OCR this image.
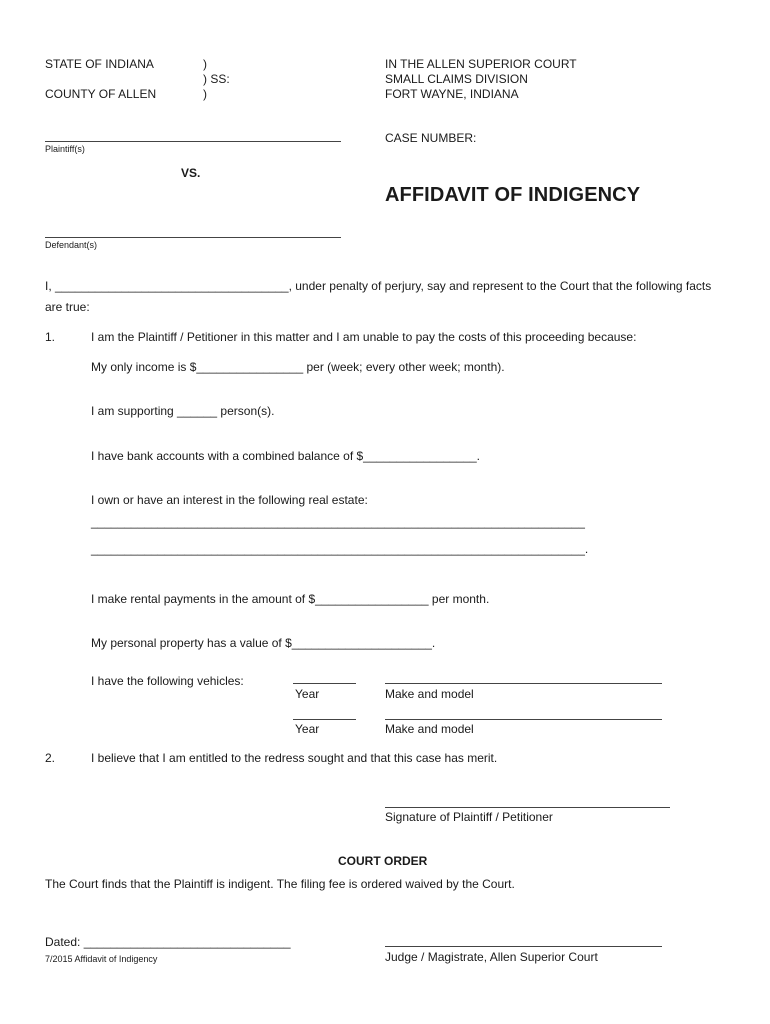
STATE OF INDIANA
COUNTY OF ALLEN
)
) SS:
)
IN THE ALLEN SUPERIOR COURT
SMALL CLAIMS DIVISION
FORT WAYNE, INDIANA
Plaintiff(s)
CASE NUMBER:
VS.
AFFIDAVIT OF INDIGENCY
Defendant(s)
I, ___________________________________, under penalty of perjury, say and represent to the Court that the following facts
are true:
1.	I am the Plaintiff / Petitioner in this matter and I am unable to pay the costs of this proceeding because:
My only income is $________________ per (week; every other week; month).
I am supporting ______ person(s).
I have bank accounts with a combined balance of $_________________.
I own or have an interest in the following real estate:
__________________________________________________________________________
__________________________________________________________________________.
I make rental payments in the amount of $_________________ per month.
My personal property has a value of $_____________________.
I have the following vehicles:
Year	Make and model
Year	Make and model
2.	I believe that I am entitled to the redress sought and that this case has merit.
Signature of Plaintiff / Petitioner
COURT ORDER
The Court finds that the Plaintiff is indigent. The filing fee is ordered waived by the Court.
Dated: _______________________________
Judge / Magistrate, Allen Superior Court
7/2015 Affidavit of Indigency
